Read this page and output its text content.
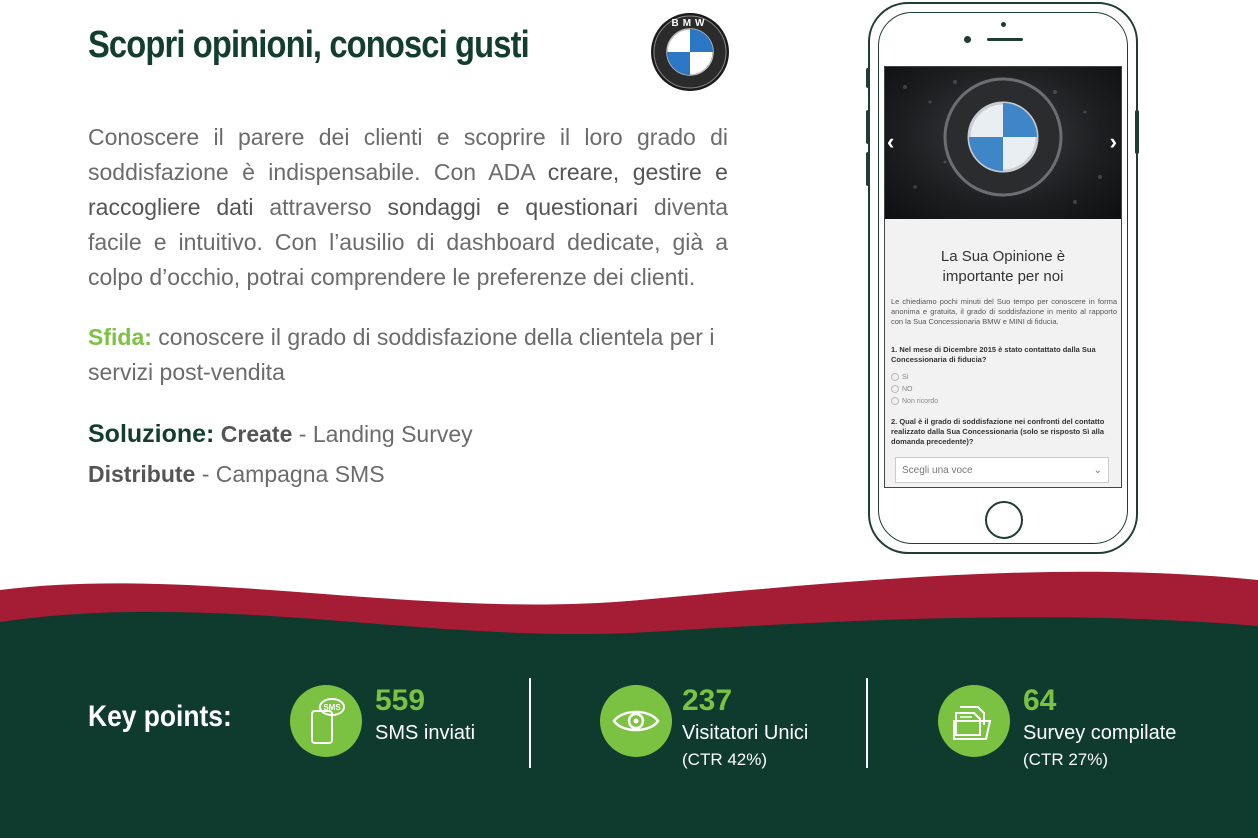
Scopri opinioni, conosci gusti
BMW

Conoscere il parere dei clienti e scoprire il loro grado di soddisfazione è indispensabile. Con ADA creare, gestire e raccogliere dati attraverso sondaggi e questionari diventa facile e intuitivo. Con l’ausilio di dashboard dedicate, già a colpo d’occhio, potrai comprendere le preferenze dei clienti.

Sfida: conoscere il grado di soddisfazione della clientela per i servizi post-vendita

Soluzione: Create - Landing Survey
Distribute - Campagna SMS
‹	›

La Sua Opinione è importante per noi

Le chiediamo pochi minuti del Suo tempo per conoscere in forma anonima e gratuita, il grado di soddisfazione in merito al rapporto con la Sua Concessionaria BMW e MINI di fiducia.

1. Nel mese di Dicembre 2015 è stato contattato dalla Sua Concessionaria di fiducia?

Sì
NO
Non ricordo

2. Qual è il grado di soddisfazione nei confronti del contatto realizzato dalla Sua Concessionaria (solo se risposto Sì alla domanda precedente)?

Scegli una voce	⌄
Key points:	SMS 559
SMS inviati
237
Visitatori Unici
(CTR 42%)
64
Survey compilate
(CTR 27%)
